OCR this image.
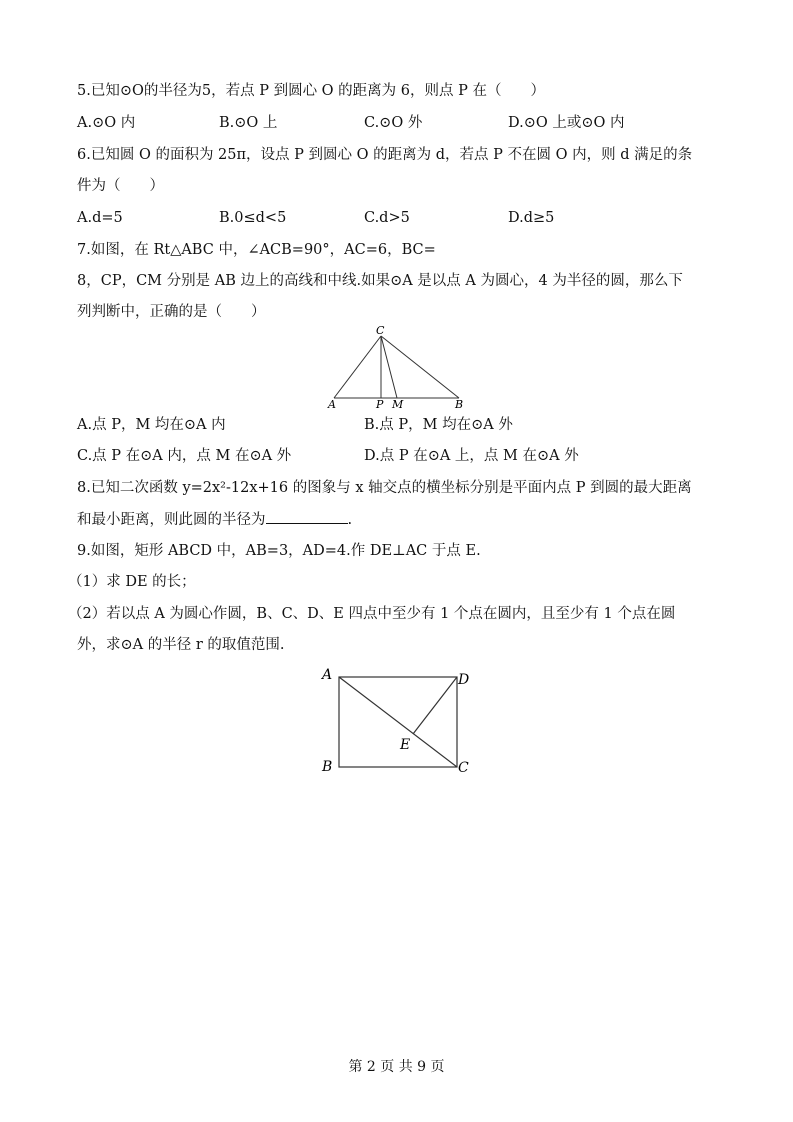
5.已知⊙O的半径为5，若点 P 到圆心 O 的距离为 6，则点 P 在（　　）
A.⊙O 内	B.⊙O 上	C.⊙O 外	D.⊙O 上或⊙O 内
6.已知圆 O 的面积为 25π，设点 P 到圆心 O 的距离为 d，若点 P 不在圆 O 内，则 d 满足的条
件为（　　）
A.d=5	B.0≤d<5	C.d>5	D.d≥5
7.如图，在 Rt△ABC 中，∠ACB=90°，AC=6，BC=
8，CP，CM 分别是 AB 边上的高线和中线.如果⊙A 是以点 A 为圆心，4 为半径的圆，那么下
列判断中，正确的是（　　）
C
A	P M	B
A.点 P，M 均在⊙A 内	B.点 P，M 均在⊙A 外
C.点 P 在⊙A 内，点 M 在⊙A 外	D.点 P 在⊙A 上，点 M 在⊙A 外
8.已知二次函数 y=2x²-12x+16 的图象与 x 轴交点的横坐标分别是平面内点 P 到圆的最大距离
和最小距离，则此圆的半径为	.
9.如图，矩形 ABCD 中，AB=3，AD=4.作 DE⊥AC 于点 E.
（1）求 DE 的长；
（2）若以点 A 为圆心作圆，B、C、D、E 四点中至少有 1 个点在圆内，且至少有 1 个点在圆
外，求⊙A 的半径 r 的取值范围.
A	D
E
B	C
第 2 页 共 9 页
